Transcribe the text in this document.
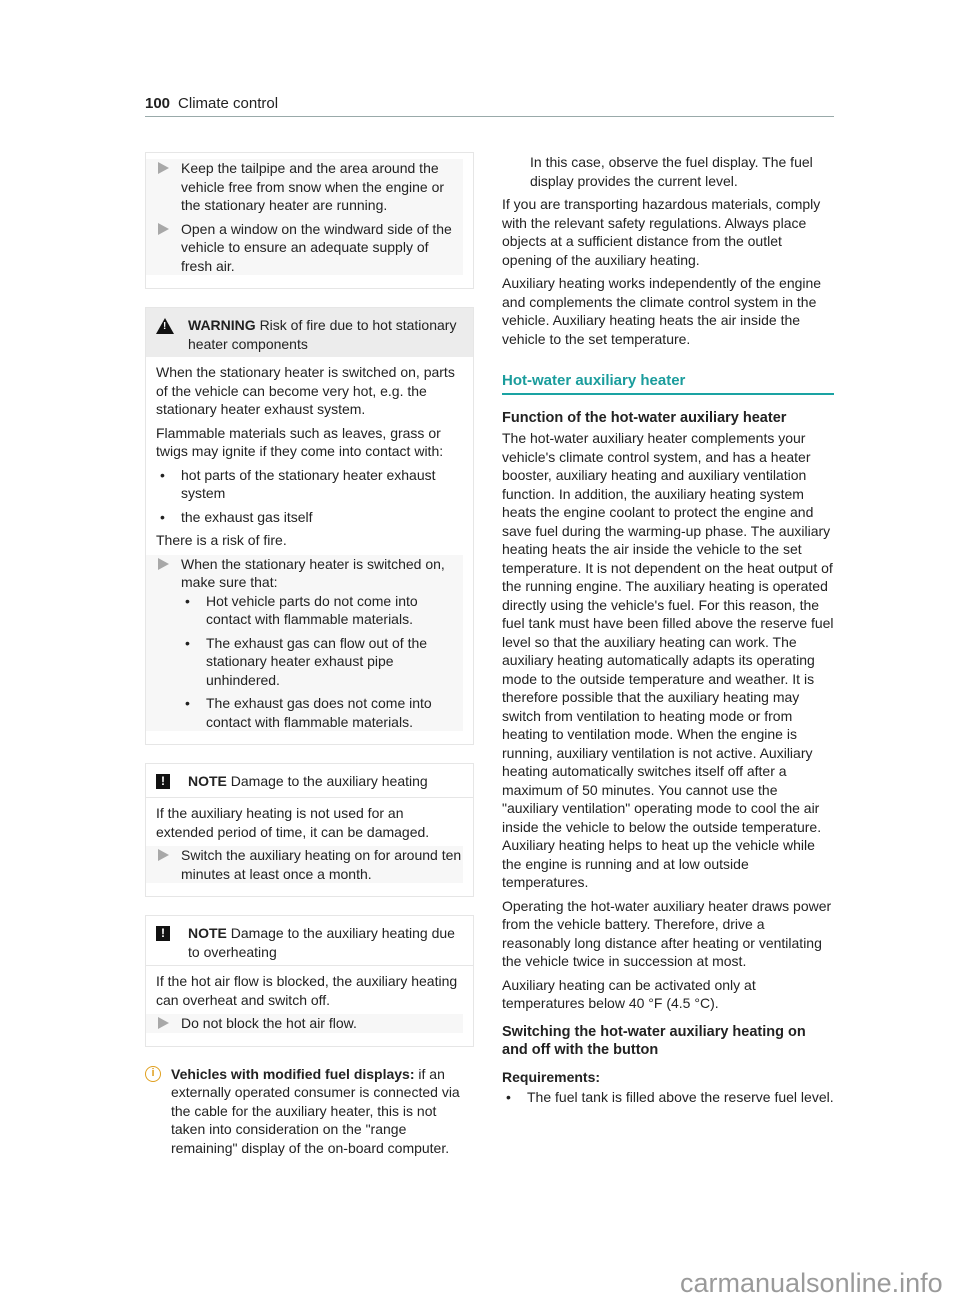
100 Climate control
Keep the tailpipe and the area around the vehicle free from snow when the engine or the stationary heater are running.
Open a window on the windward side of the vehicle to ensure an adequate supply of fresh air.
! WARNING Risk of fire due to hot stationary heater components

When the stationary heater is switched on, parts of the vehicle can become very hot, e.g. the stationary heater exhaust system.

Flammable materials such as leaves, grass or twigs may ignite if they come into contact with:

• hot parts of the stationary heater exhaust system
• the exhaust gas itself

There is a risk of fire.

When the stationary heater is switched on, make sure that:
• Hot vehicle parts do not come into contact with flammable materials.
• The exhaust gas can flow out of the stationary heater exhaust pipe unhindered.
• The exhaust gas does not come into contact with flammable materials.
!	NOTE Damage to the auxiliary heating

If the auxiliary heating is not used for an extended period of time, it can be damaged.

Switch the auxiliary heating on for around ten minutes at least once a month.
!	NOTE Damage to the auxiliary heating due to overheating

If the hot air flow is blocked, the auxiliary heating can overheat and switch off.

Do not block the hot air flow.
i	Vehicles with modified fuel displays: if an externally operated consumer is connected via the cable for the auxiliary heater, this is not taken into consideration on the "range remaining" display of the on-board computer.

In this case, observe the fuel display. The fuel display provides the current level.

If you are transporting hazardous materials, comply with the relevant safety regulations. Always place objects at a sufficient distance from the outlet opening of the auxiliary heating.

Auxiliary heating works independently of the engine and complements the climate control system in the vehicle. Auxiliary heating heats the air inside the vehicle to the set temperature.

Hot-water auxiliary heater
Function of the hot-water auxiliary heater

The hot-water auxiliary heater complements your vehicle's climate control system, and has a heater booster, auxiliary heating and auxiliary ventilation function. In addition, the auxiliary heating system heats the engine coolant to protect the engine and save fuel during the warming-up phase. The auxiliary heating heats the air inside the vehicle to the set temperature. It is not dependent on the heat output of the running engine. The auxiliary heating is operated directly using the vehicle's fuel. For this reason, the fuel tank must have been filled above the reserve fuel level so that the auxiliary heating can work. The auxiliary heating automatically adapts its operating mode to the outside temperature and weather. It is therefore possible that the auxiliary heating may switch from ventilation to heating mode or from heating to ventilation mode. When the engine is running, auxiliary ventilation is not active. Auxiliary heating automatically switches itself off after a maximum of 50 minutes. You cannot use the "auxiliary ventilation" operating mode to cool the air inside the vehicle to below the outside temperature. Auxiliary heating helps to heat up the vehicle while the engine is running and at low outside temperatures.

Operating the hot-water auxiliary heater draws power from the vehicle battery. Therefore, drive a reasonably long distance after heating or ventilating the vehicle twice in succession at most.

Auxiliary heating can be activated only at temperatures below 40 °F (4.5 °C).

Switching the hot-water auxiliary heating on and off with the button
Requirements:
• The fuel tank is filled above the reserve fuel level.
carmanualsonline.info
